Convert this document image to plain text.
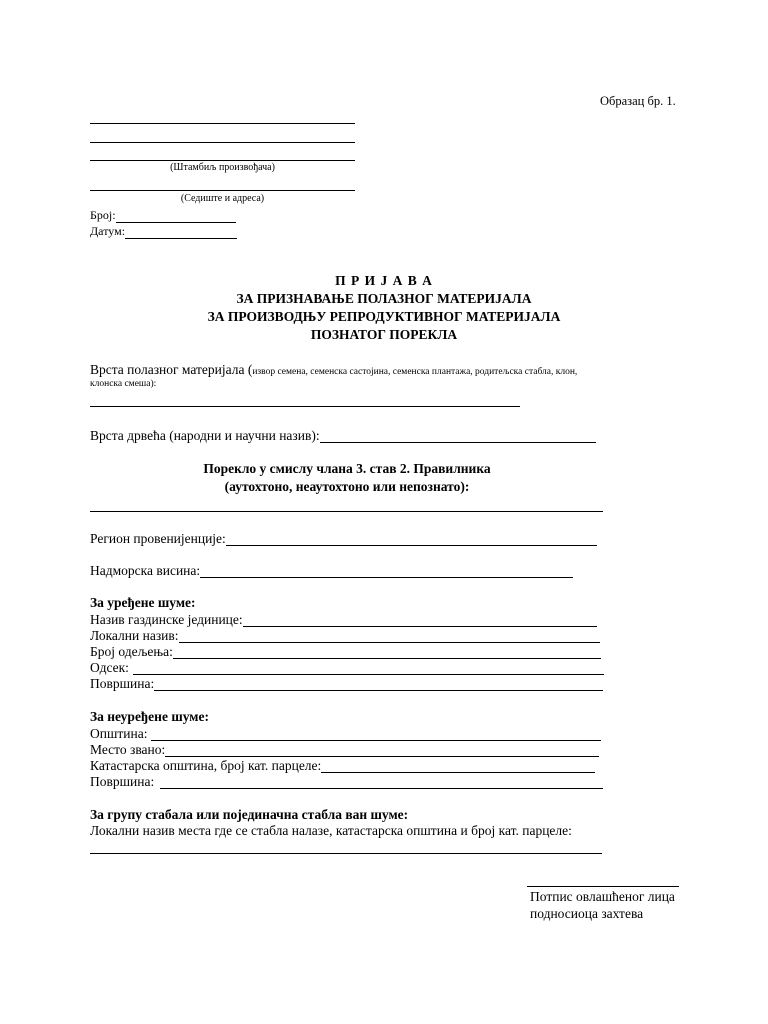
Образац бр. 1.
(Штамбиљ произвођача)
(Седиште и адреса)
Број:
Датум:
П Р И Ј А В А
ЗА ПРИЗНАВАЊЕ ПОЛАЗНОГ МАТЕРИЈАЛА
ЗА ПРОИЗВОДЊУ РЕПРОДУКТИВНОГ МАТЕРИЈАЛА
ПОЗНАТОГ ПОРЕКЛА
Врста полазног материјала (извор семена, семенска састојина, семенска плантажа, родитељска стабла, клон,
клонска смеша):
Врста дрвећа (народни и научни назив):
Порекло у смислу члана 3. став 2. Правилника
(аутохтоно, неаутохтоно или непознато):
Регион провенијенције:
Надморска висина:
За уређене шуме:
Назив газдинске јединице:
Локални назив:
Број одељења:
Одсек:
Површина:
За неуређене шуме:
Општина:
Место звано:
Катастарска општина, број кат. парцеле:
Површина:
За групу стабала или појединачна стабла ван шуме:
Локални назив места где се стабла налазе, катастарска општина и број кат. парцеле:
Потпис овлашћеног лица
подносиоца захтева
